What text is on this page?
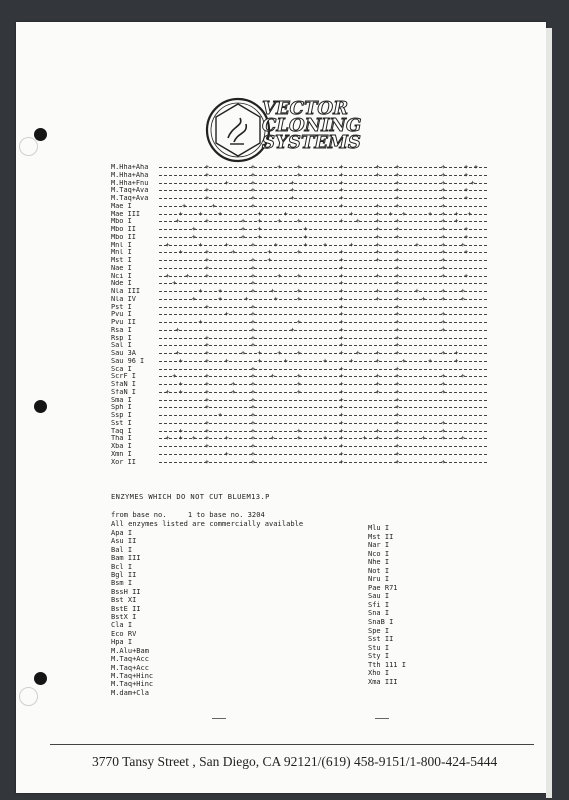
VECTOR
CLONING
SYSTEMS
M.Hha+Aha	+	+	+ +	+	+ +	+	+ +
M.Hha+Aha	+	+	+	+	+ +	+	+
M.Hha+Fnu	+	+	+	+	+	+	+
M.Taq+Ava	+	+	+	+	+	+	+
M.Taq+Ava	+	+	+	+	+	+	+
Mae I	+	+	+	+	+ +	+
Mae III	+ + +	+	+	+	+ + +	+ + + +
Mbo I	+	+	+ + + +	+ + + +	+ +
Mbo II	+	+ +	+	+ +	+	+
Mbo II	+	+ +	+	+ +	+	+
Mnl I	+	+	+	+	+	+ +	+	+	+	+ +
Mnl I	+	+	+	+	+	+	+ +	+	+
Mst I	+	+ +	+	+ +	+
Nae I	+	+	+	+	+
Nci I	+ + +	+	+ +	+	+ +	+	+
Nde I	+	+	+	+
Nla III	+ +	+ +	+	+	+ + +	+ +
Nla IV	+	+	+	+	+	+	+ +	+ + +
Pst I	+	+	+	+
Pvu I	+	+	+	+	+
Pvu II	+	+	+	+	+	+
Rsa I	+	+	+	+	+	+
Rsp I	+	+	+	+
Sal I	+	+	+	+
Sau 3A	+	+	+ + + +	+ + + +	+ +
Sau 96 I	+	+ +	+	+	+	+	+	+	+	+
Sca I	+	+	+
ScrF I	+	+	+ +	+	+	+ +	+ +
SfaN I	+	+	+ +	+	+	+ +	+
SfaN I	+ +	+	+ +	+	+	+ +	+
Sma I	+	+	+	+
Sph I	+	+	+	+
Ssp I	+	+	+	+
Sst I	+	+	+	+	+
Taq I	+	+	+	+	+	+ +	+
Tha I	+ + + + +	+ +	+	+ +	+ + +	+ + +
Xba I	+	+	+	+
Xmn I	+	+	+	+
Xor II	+	+	+	+	+
ENZYMES WHICH DO NOT CUT BLUEM13.P
from base no.     1 to base no. 3204
All enzymes listed are commercially available
Apa I
Asu II
Bal I
Bam III
Bcl I
Bgl II
Bsm I
BssH II
Bst XI
BstE II
BstX I
Cla I
Eco RV
Hpa I
M.Alu+Bam
M.Taq+Acc
M.Taq+Acc
M.Taq+Hinc
M.Taq+Hinc
M.dam+Cla
Mlu I
Mst II
Nar I
Nco I
Nhe I
Not I
Nru I
Pae R71
Sau I
Sfi I
Sna I
SnaB I
Spe I
Sst II
Stu I
Sty I
Tth 111 I
Xho I
Xma III
3770 Tansy Street , San Diego, CA 92121/(619) 458-9151/1-800-424-5444
